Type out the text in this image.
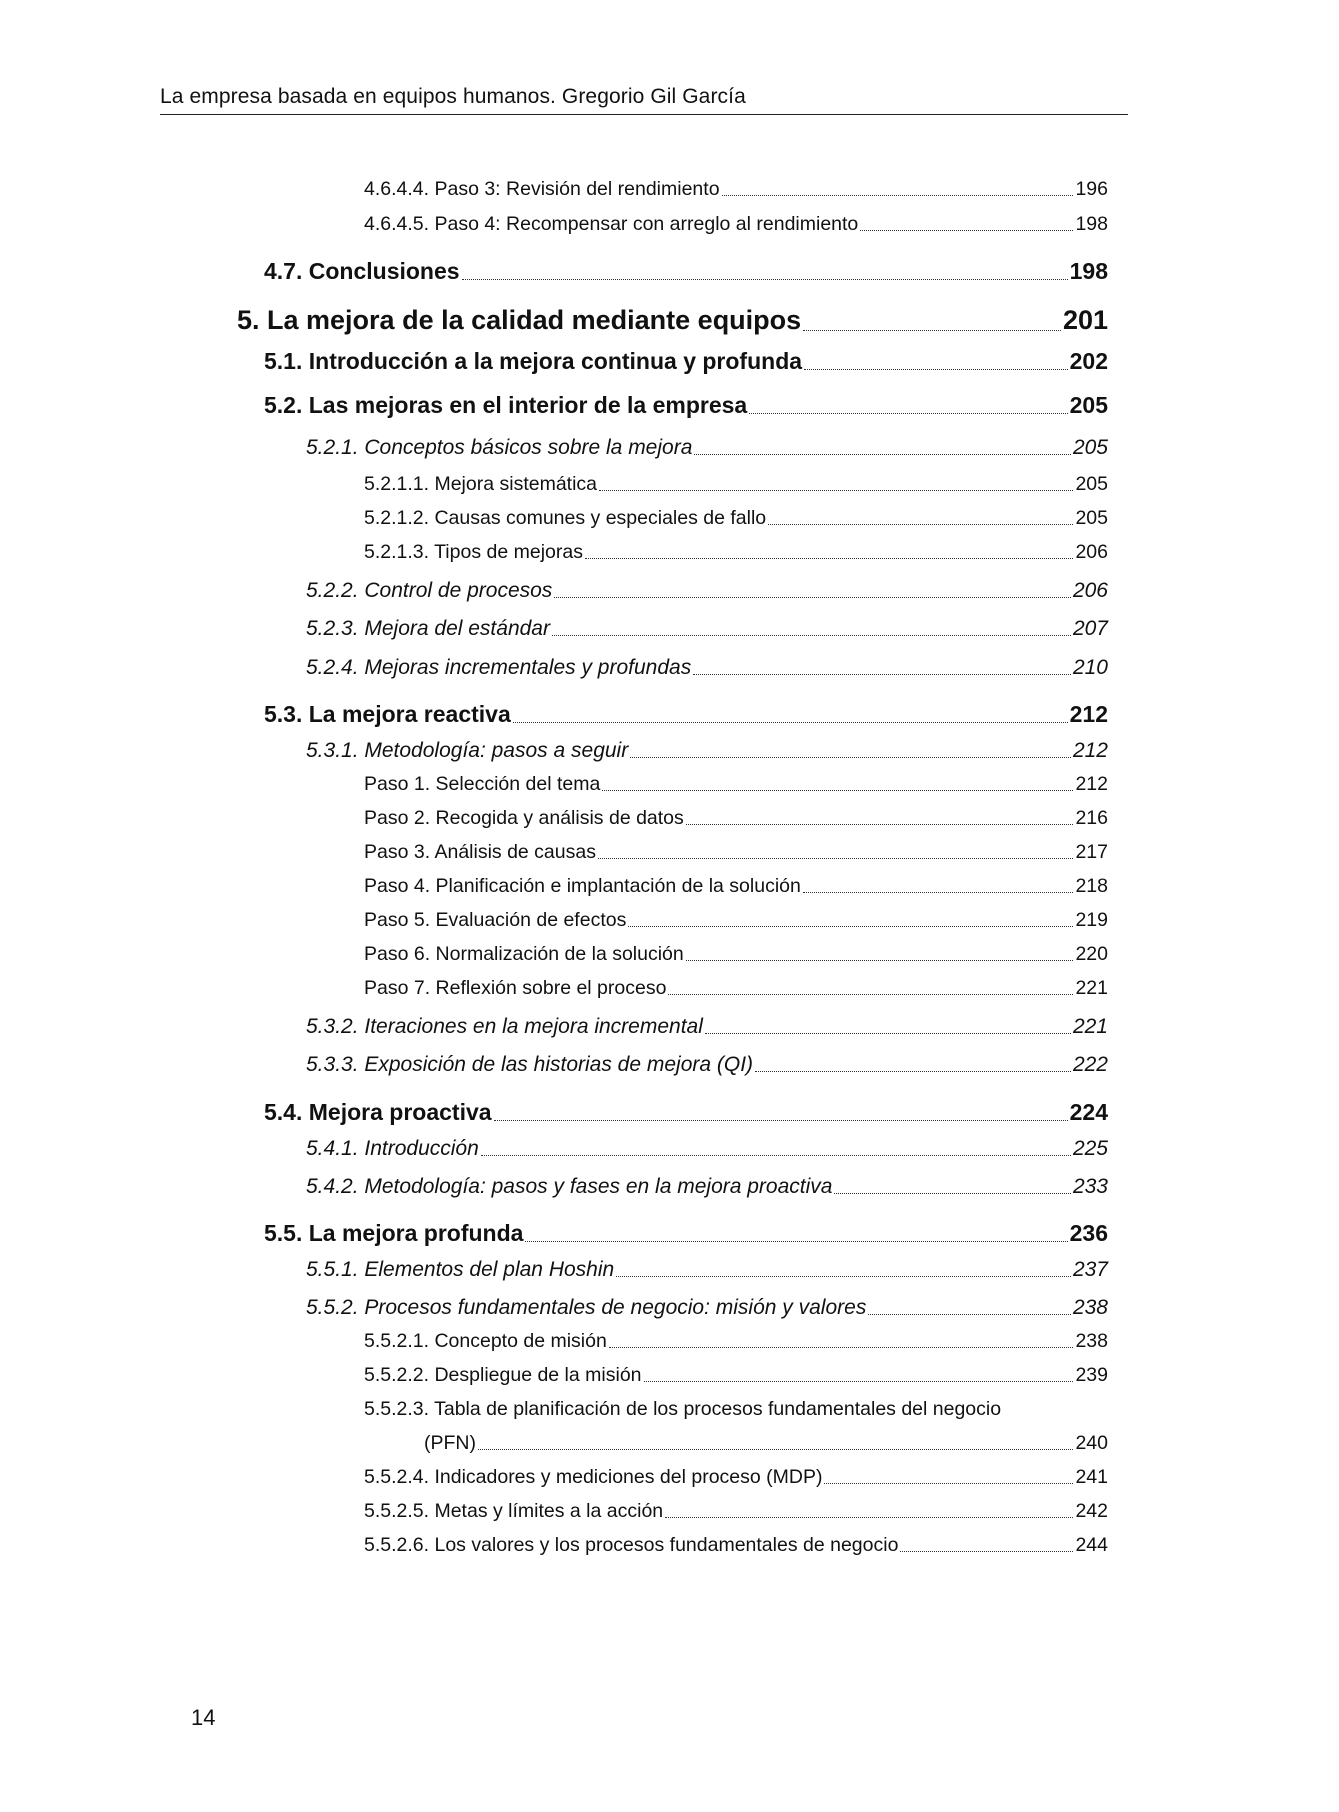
La empresa basada en equipos humanos. Gregorio Gil García
4.6.4.4. Paso 3: Revisión del rendimiento	196
4.6.4.5. Paso 4: Recompensar con arreglo al rendimiento	198
4.7. Conclusiones	198
5. La mejora de la calidad mediante equipos	201
5.1. Introducción a la mejora continua y profunda	202
5.2. Las mejoras en el interior de la empresa	205
5.2.1. Conceptos básicos sobre la mejora	205
5.2.1.1. Mejora sistemática	205
5.2.1.2. Causas comunes y especiales de fallo	205
5.2.1.3. Tipos de mejoras	206
5.2.2. Control de procesos	206
5.2.3. Mejora del estándar	207
5.2.4. Mejoras incrementales y profundas	210
5.3. La mejora reactiva	212
5.3.1. Metodología: pasos a seguir	212
Paso 1. Selección del tema	212
Paso 2. Recogida y análisis de datos	216
Paso 3. Análisis de causas	217
Paso 4. Planificación e implantación de la solución	218
Paso 5. Evaluación de efectos	219
Paso 6. Normalización de la solución	220
Paso 7. Reflexión sobre el proceso	221
5.3.2. Iteraciones en la mejora incremental	221
5.3.3. Exposición de las historias de mejora (QI)	222
5.4. Mejora proactiva	224
5.4.1. Introducción	225
5.4.2. Metodología: pasos y fases en la mejora proactiva	233
5.5. La mejora profunda	236
5.5.1. Elementos del plan Hoshin	237
5.5.2. Procesos fundamentales de negocio: misión y valores	238
5.5.2.1. Concepto de misión	238
5.5.2.2. Despliegue de la misión	239
5.5.2.3. Tabla de planificación de los procesos fundamentales del negocio
(PFN)	240
5.5.2.4. Indicadores y mediciones del proceso (MDP)	241
5.5.2.5. Metas y límites a la acción	242
5.5.2.6. Los valores y los procesos fundamentales de negocio	244
14
